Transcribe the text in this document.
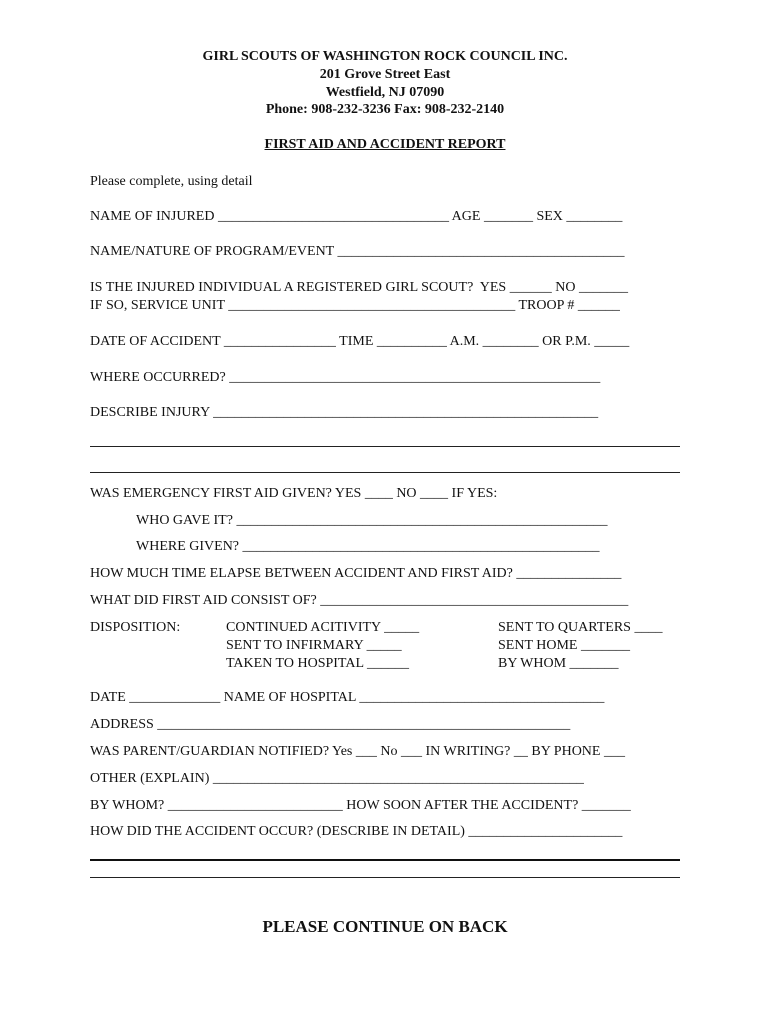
GIRL SCOUTS OF WASHINGTON ROCK COUNCIL INC.
201 Grove Street East
Westfield, NJ 07090
Phone: 908-232-3236 Fax: 908-232-2140
FIRST AID AND ACCIDENT REPORT
Please complete, using detail
NAME OF INJURED _________________________________ AGE _______ SEX ________
NAME/NATURE OF PROGRAM/EVENT _________________________________________
IS THE INJURED INDIVIDUAL A REGISTERED GIRL SCOUT?  YES ______ NO _______
IF SO, SERVICE UNIT _________________________________________ TROOP # ______
DATE OF ACCIDENT ________________ TIME __________ A.M. ________ OR P.M. _____
WHERE OCCURRED? _____________________________________________________
DESCRIBE INJURY _______________________________________________________
WAS EMERGENCY FIRST AID GIVEN? YES ____ NO ____ IF YES:
WHO GAVE IT? _____________________________________________________
WHERE GIVEN? ___________________________________________________
HOW MUCH TIME ELAPSE BETWEEN ACCIDENT AND FIRST AID? _______________
WHAT DID FIRST AID CONSIST OF? ____________________________________________
DISPOSITION:	CONTINUED ACITIVITY _____
SENT TO INFIRMARY _____
TAKEN TO HOSPITAL ______
SENT TO QUARTERS ____
SENT HOME _______
BY WHOM _______
DATE _____________ NAME OF HOSPITAL ___________________________________
ADDRESS ___________________________________________________________
WAS PARENT/GUARDIAN NOTIFIED? Yes ___ No ___ IN WRITING? __ BY PHONE ___
OTHER (EXPLAIN) _____________________________________________________
BY WHOM? _________________________ HOW SOON AFTER THE ACCIDENT? _______
HOW DID THE ACCIDENT OCCUR? (DESCRIBE IN DETAIL) ______________________
PLEASE CONTINUE ON BACK
